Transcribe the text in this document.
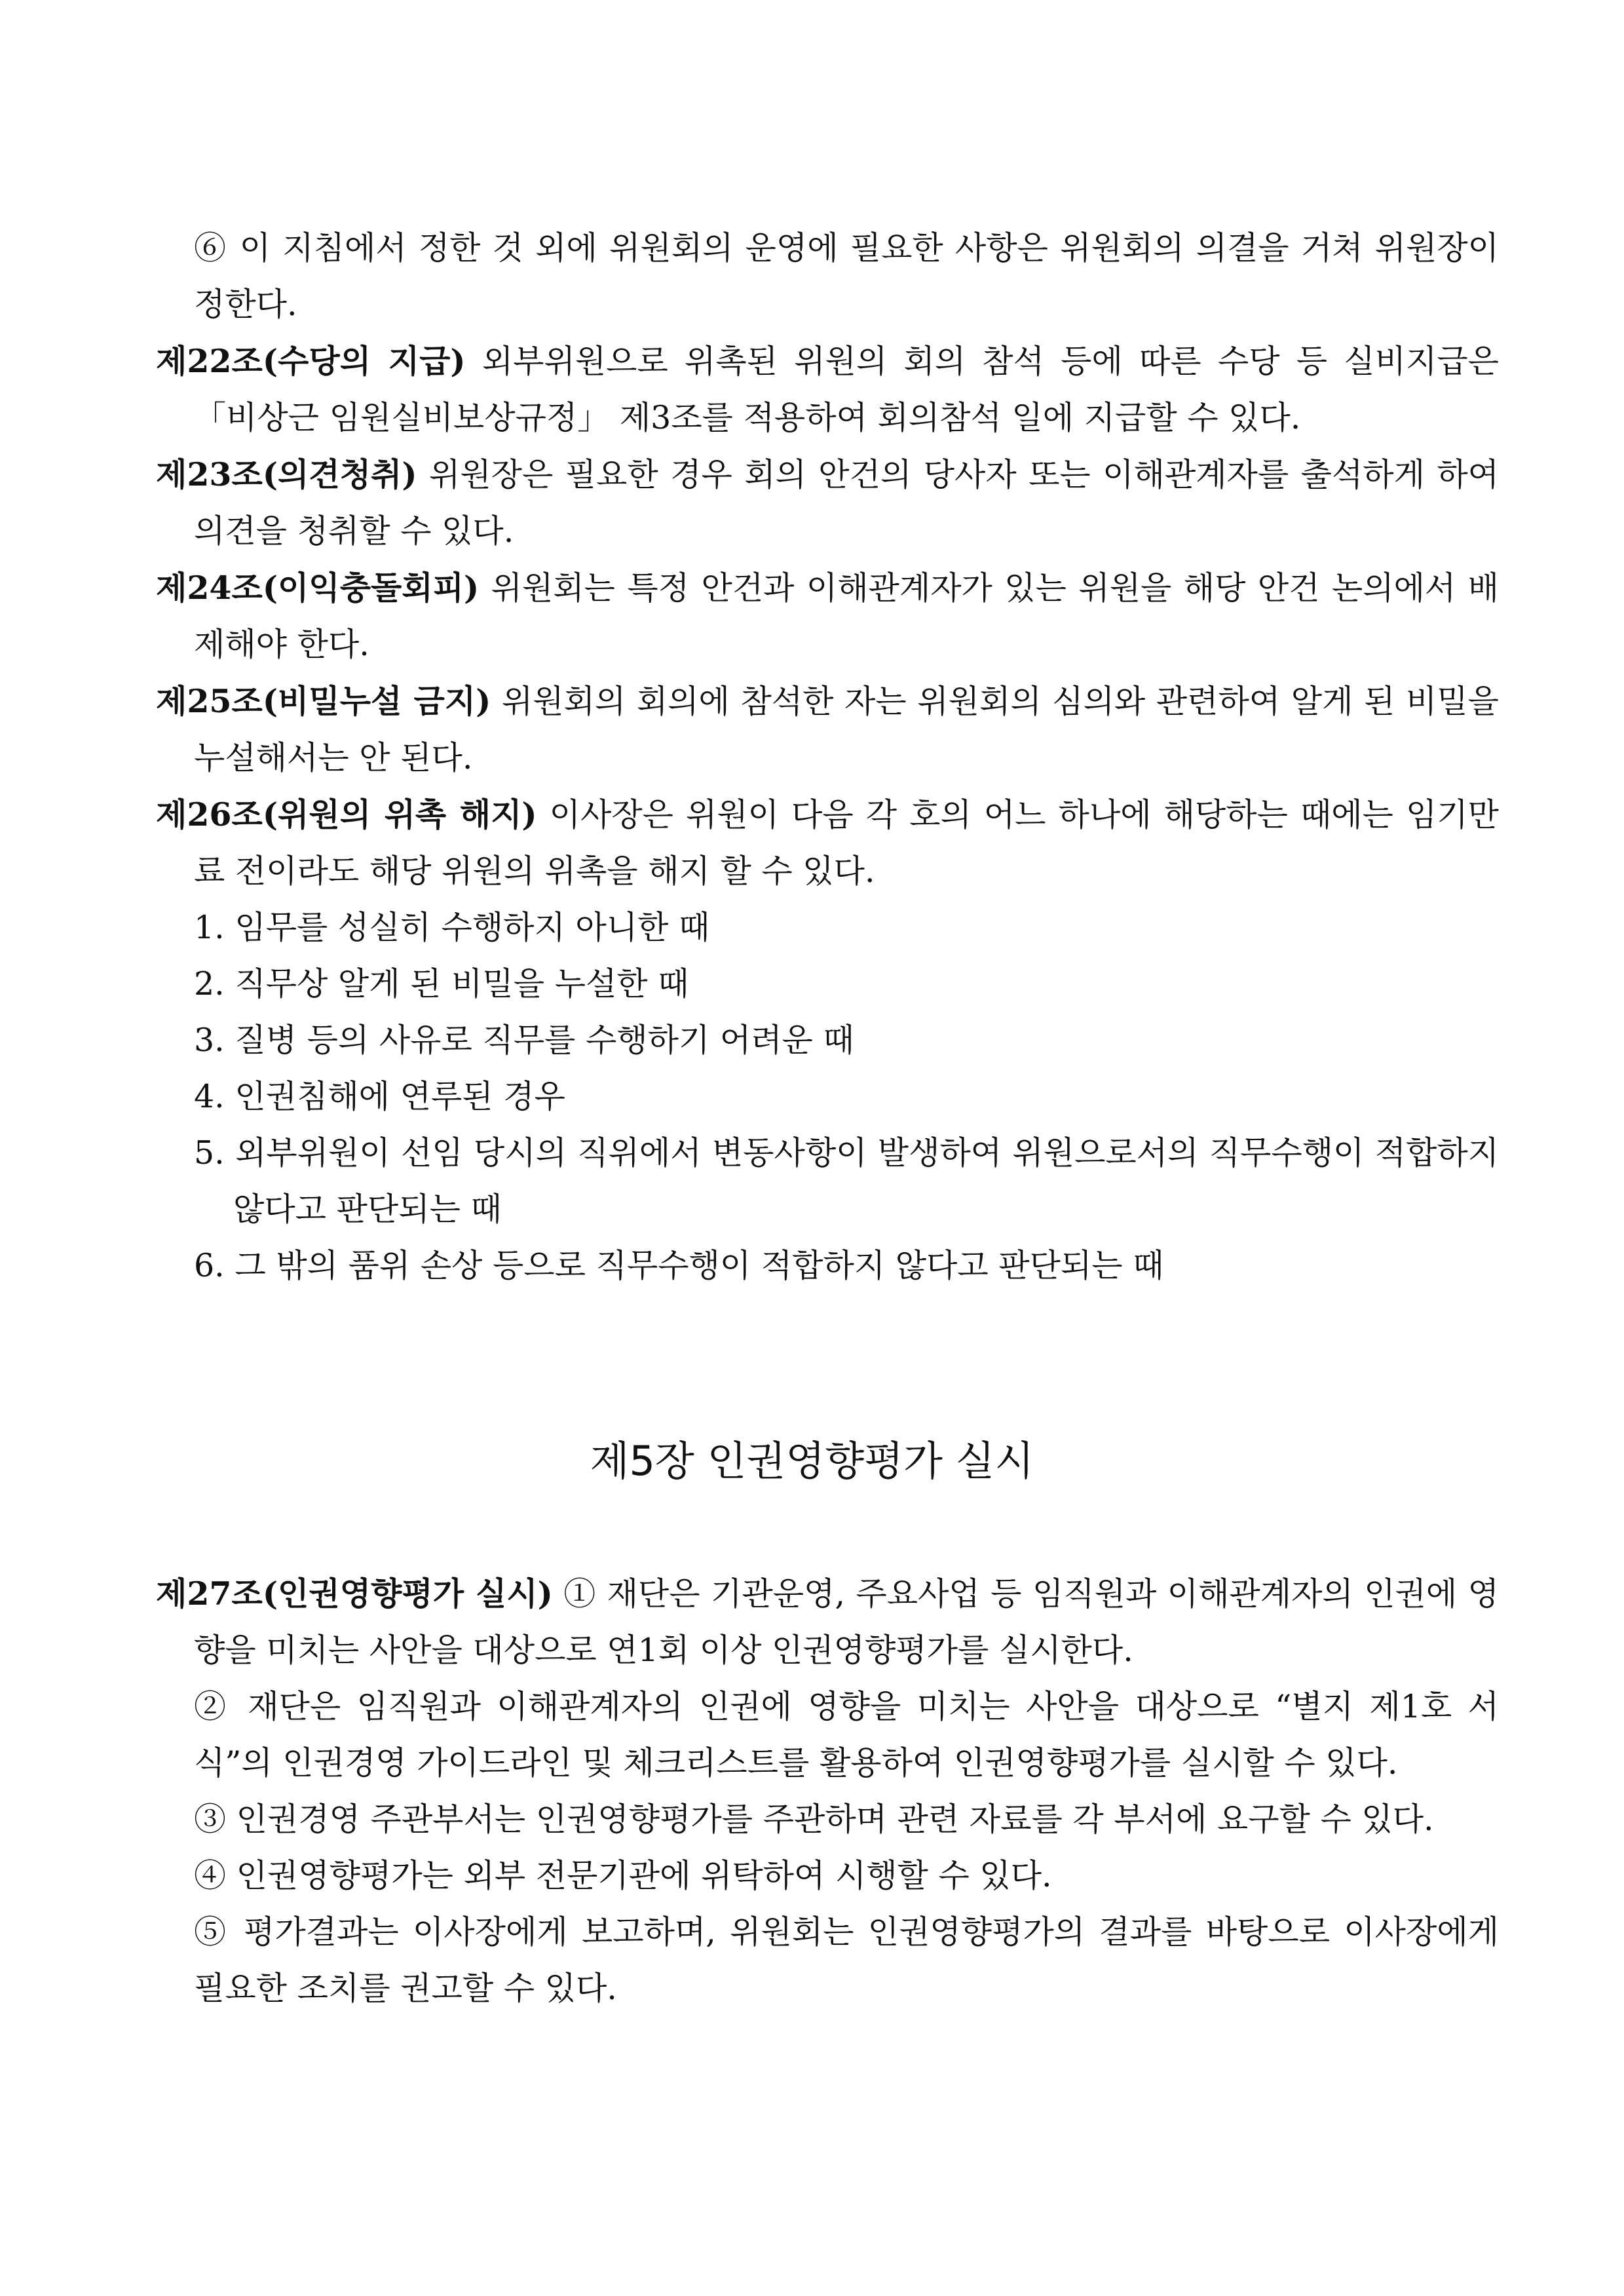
⑥ 이 지침에서 정한 것 외에 위원회의 운영에 필요한 사항은 위원회의 의결을 거쳐 위원장이 정한다.
제22조(수당의 지급) 외부위원으로 위촉된 위원의 회의 참석 등에 따른 수당 등 실비지급은 「비상근 임원실비보상규정」 제3조를 적용하여 회의참석 일에 지급할 수 있다.
제23조(의견청취) 위원장은 필요한 경우 회의 안건의 당사자 또는 이해관계자를 출석하게 하여 의견을 청취할 수 있다.
제24조(이익충돌회피) 위원회는 특정 안건과 이해관계자가 있는 위원을 해당 안건 논의에서 배제해야 한다.
제25조(비밀누설 금지) 위원회의 회의에 참석한 자는 위원회의 심의와 관련하여 알게 된 비밀을 누설해서는 안 된다.
제26조(위원의 위촉 해지) 이사장은 위원이 다음 각 호의 어느 하나에 해당하는 때에는 임기만료 전이라도 해당 위원의 위촉을 해지 할 수 있다.
1. 임무를 성실히 수행하지 아니한 때
2. 직무상 알게 된 비밀을 누설한 때
3. 질병 등의 사유로 직무를 수행하기 어려운 때
4. 인권침해에 연루된 경우
5. 외부위원이 선임 당시의 직위에서 변동사항이 발생하여 위원으로서의 직무수행이 적합하지 않다고 판단되는 때
6. 그 밖의 품위 손상 등으로 직무수행이 적합하지 않다고 판단되는 때
제5장 인권영향평가 실시
제27조(인권영향평가 실시) ① 재단은 기관운영, 주요사업 등 임직원과 이해관계자의 인권에 영향을 미치는 사안을 대상으로 연1회 이상 인권영향평가를 실시한다.
② 재단은 임직원과 이해관계자의 인권에 영향을 미치는 사안을 대상으로 “별지 제1호 서식”의 인권경영 가이드라인 및 체크리스트를 활용하여 인권영향평가를 실시할 수 있다.
③ 인권경영 주관부서는 인권영향평가를 주관하며 관련 자료를 각 부서에 요구할 수 있다.
④ 인권영향평가는 외부 전문기관에 위탁하여 시행할 수 있다.
⑤ 평가결과는 이사장에게 보고하며, 위원회는 인권영향평가의 결과를 바탕으로 이사장에게 필요한 조치를 권고할 수 있다.
